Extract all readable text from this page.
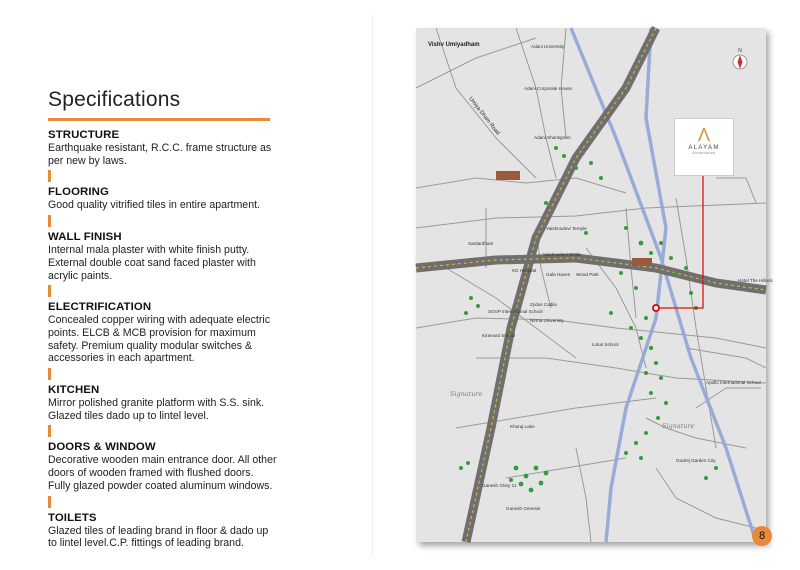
Specifications
STRUCTURE

Earthquake resistant, R.C.C. frame structure as per new by laws.

FLOORING

Good quality vitrified tiles in entire apartment.

WALL FINISH

Internal mala plaster with white finish putty. External double coat sand faced plaster with acrylic paints.

ELECTRIFICATION

Concealed copper wiring with adequate electric points. ELCB & MCB provision for maximum safety. Premium quality modular switches & accessories in each apartment.

KITCHEN

Mirror polished granite platform with S.S. sink. Glazed tiles dado up to lintel level.

DOORS & WINDOW

Decorative wooden main entrance door. All other doors of wooden framed with flushed doors. Fully glazed powder coated aluminum windows.

TOILETS

Glazed tiles of leading brand in floor & dado up to lintel level.C.P. fittings of leading brand.

Vishv Umiyadham	Adani University
Adani Corporate House
Adani Shantigram
Umiya Dham Road
Sardardham
Vaishnodevi Temple
Vaishnodevi Circle
Gala Haven
KD Hospital
Wood Park
SGVP International School
Zydus Cadila
Nirma University
Hotel The Hillock
Apollo International School
Khoraj Lake
Ganesh Glory 11
Ganesh Genesis
Godrej Garden City
Kiranvati School
Lotus School
Signature
Signature
Λ
ALAYAM
Ahmedabad
N
8
